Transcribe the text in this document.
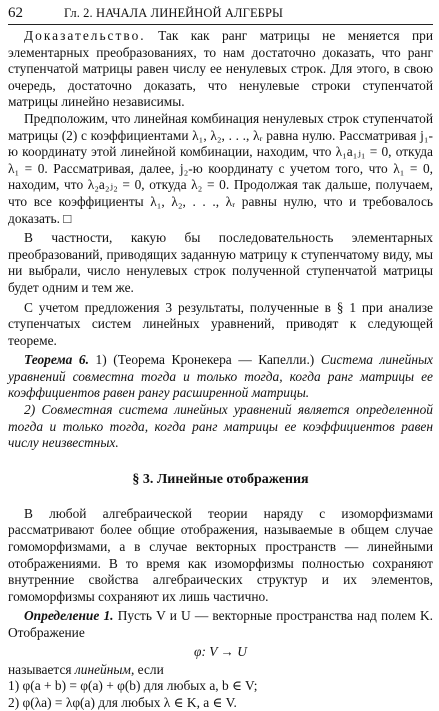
62	Гл. 2. НАЧАЛА ЛИНЕЙНОЙ АЛГЕБРЫ

Доказательство. Так как ранг матрицы не меняется при элементарных преобразованиях, то нам достаточно доказать, что ранг ступенчатой матрицы равен числу ее ненулевых строк. Для этого, в свою очередь, достаточно доказать, что ненулевые строки ступенчатой матрицы линейно независимы.

Предположим, что линейная комбинация ненулевых строк ступенчатой матрицы (2) с коэффициентами λ₁, λ₂, . . ., λᵣ равна нулю. Рассматривая j₁-ю координату этой линейной комбинации, находим, что λ₁a₁ⱼ₁ = 0, откуда λ₁ = 0. Рассматривая, далее, j₂-ю координату с учетом того, что λ₁ = 0, находим, что λ₂a₂ⱼ₂ = 0, откуда λ₂ = 0. Продолжая так дальше, получаем, что все коэффициенты λ₁, λ₂, . . ., λᵣ равны нулю, что и требовалось доказать. □

В частности, какую бы последовательность элементарных преобразований, приводящих заданную матрицу к ступенчатому виду, мы ни выбрали, число ненулевых строк полученной ступенчатой матрицы будет одним и тем же.

С учетом предложения 3 результаты, полученные в § 1 при анализе ступенчатых систем линейных уравнений, приводят к следующей теореме.

Теорема 6. 1) (Теорема Кронекера — Капелли.) Система линейных уравнений совместна тогда и только тогда, когда ранг матрицы ее коэффициентов равен рангу расширенной матрицы.

2) Совместная система линейных уравнений является определенной тогда и только тогда, когда ранг матрицы ее коэффициентов равен числу неизвестных.

§ 3. Линейные отображения

В любой алгебраической теории наряду с изоморфизмами рассматривают более общие отображения, называемые в общем случае гомоморфизмами, а в случае векторных пространств — линейными отображениями. В то время как изоморфизмы полностью сохраняют внутренние свойства алгебраических структур и их элементов, гомоморфизмы сохраняют их лишь частично.

Определение 1. Пусть V и U — векторные пространства над полем K. Отображение

φ: V → U

называется линейным, если

1) φ(a + b) = φ(a) + φ(b) для любых a, b ∈ V;

2) φ(λa) = λφ(a) для любых λ ∈ K, a ∈ V.
